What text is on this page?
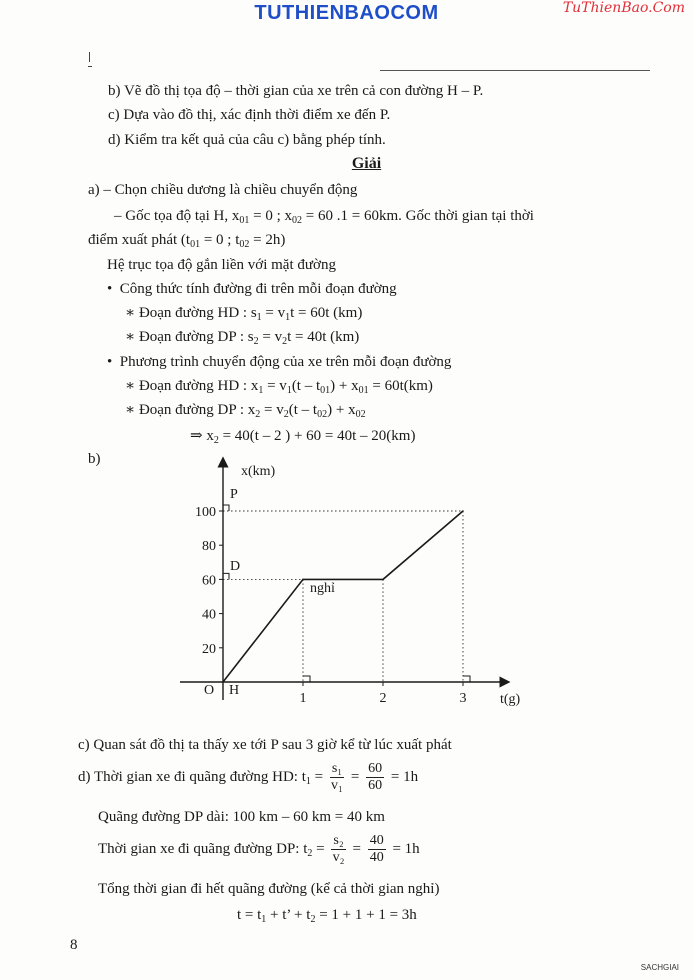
TUTHIENBAOCOM	TuThienBao.Com
b) Vẽ đồ thị tọa độ – thời gian của xe trên cả con đường H – P.
c) Dựa vào đồ thị, xác định thời điểm xe đến P.
d) Kiểm tra kết quả của câu c) bằng phép tính.
Giải
a) – Chọn chiều dương là chiều chuyển động
– Gốc tọa độ tại H, $x_{01} = 0$ ; $x_{02} = 60$ .1 = 60km. Gốc thời gian tại thời
điểm xuất phát ($t_{01} = 0$ ; $t_{02} = 2h$)
Hệ trục tọa độ gắn liền với mặt đường
•  Công thức tính đường đi trên mỗi đoạn đường
∗ Đoạn đường HD : $s_1 = v_1t = 60t$ (km)
∗ Đoạn đường DP : $s_2 = v_2t = 40t$ (km)
•  Phương trình chuyển động của xe trên mỗi đoạn đường
∗ Đoạn đường HD : $x_1 = v_1(t - t_{01}) + x_{01} = 60t(km)$
∗ Đoạn đường DP : $x_2 = v_2(t - t_{02}) + x_{02}$
⇒ $x_2 = 40(t - 2$ ) + 60 = 40t – 20(km)
b)
20
40
60
80
100
1	2	3
x(km)
t(g)
O H
D
P
nghỉ
c) Quan sát đồ thị ta thấy xe tới P sau 3 giờ kể từ lúc xuất phát
d) Thời gian xe đi quãng đường HD: $t_1 = \frac{\text{s₁}}{\text{v₁}} = \frac{60}{60} = 1h$
Quãng đường DP dài: 100 km – 60 km = 40 km
Thời gian xe đi quãng đường DP: $t_2 = \frac{\text{s₂}}{\text{v₂}} = \frac{40}{40} = 1h$
Tổng thời gian đi hết quãng đường (kể cả thời gian nghỉ)
$t = t_1 + t$’ + $t_2 = 1 + 1 + 1 = 3h$
8
SACHGIAI
